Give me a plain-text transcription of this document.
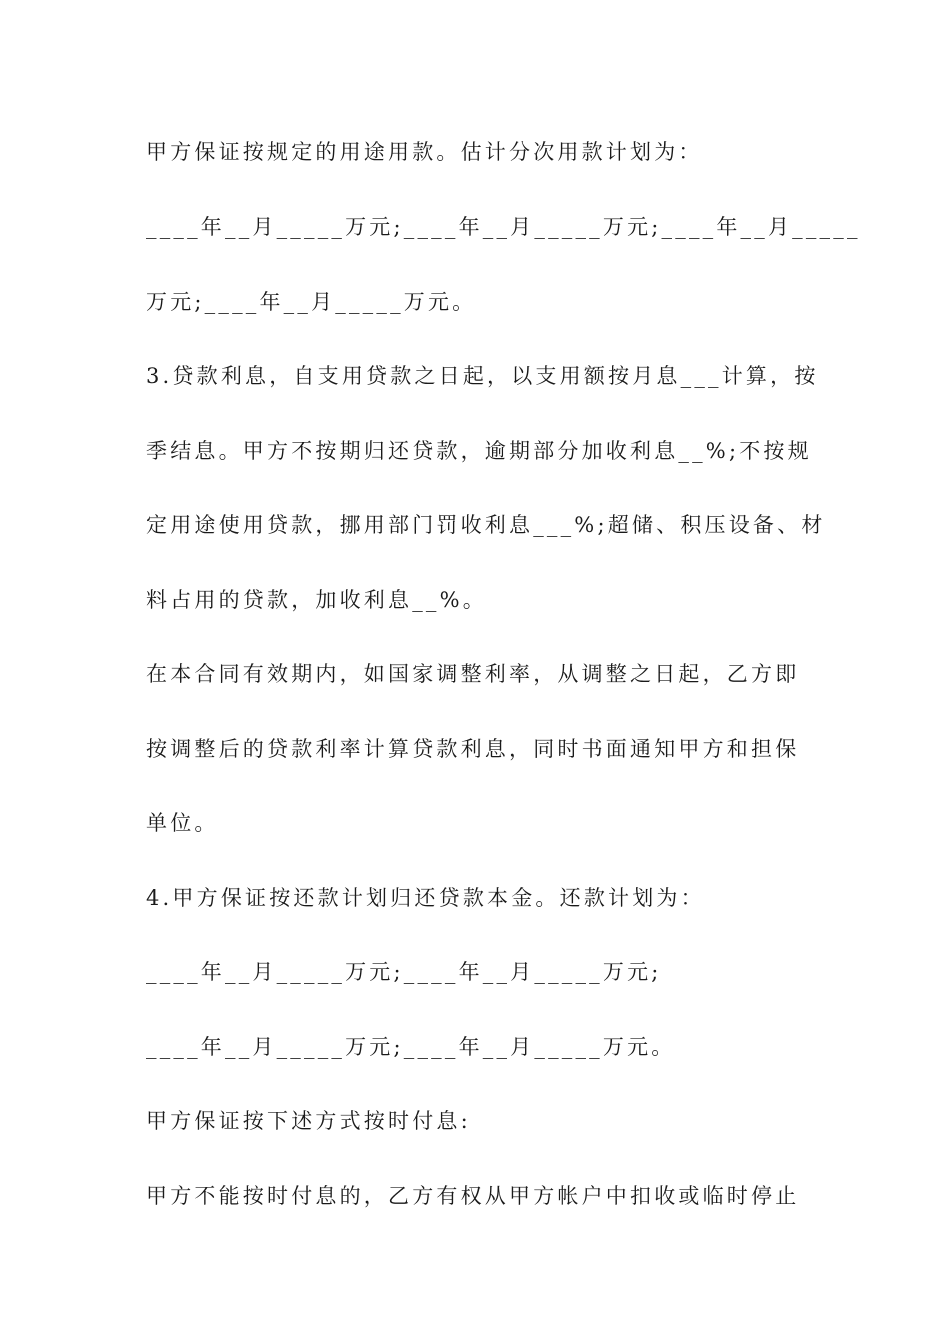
甲方保证按规定的用途用款。估计分次用款计划为：

____年__月_____万元;____年__月_____万元;____年__月_____

万元;____年__月_____万元。

3.贷款利息，自支用贷款之日起，以支用额按月息___计算，按

季结息。甲方不按期归还贷款，逾期部分加收利息__%;不按规

定用途使用贷款，挪用部门罚收利息___%;超储、积压设备、材

料占用的贷款，加收利息__%。

在本合同有效期内，如国家调整利率，从调整之日起，乙方即

按调整后的贷款利率计算贷款利息，同时书面通知甲方和担保

单位。

4.甲方保证按还款计划归还贷款本金。还款计划为：

____年__月_____万元;____年__月_____万元;

____年__月_____万元;____年__月_____万元。

甲方保证按下述方式按时付息:

甲方不能按时付息的，乙方有权从甲方帐户中扣收或临时停止
